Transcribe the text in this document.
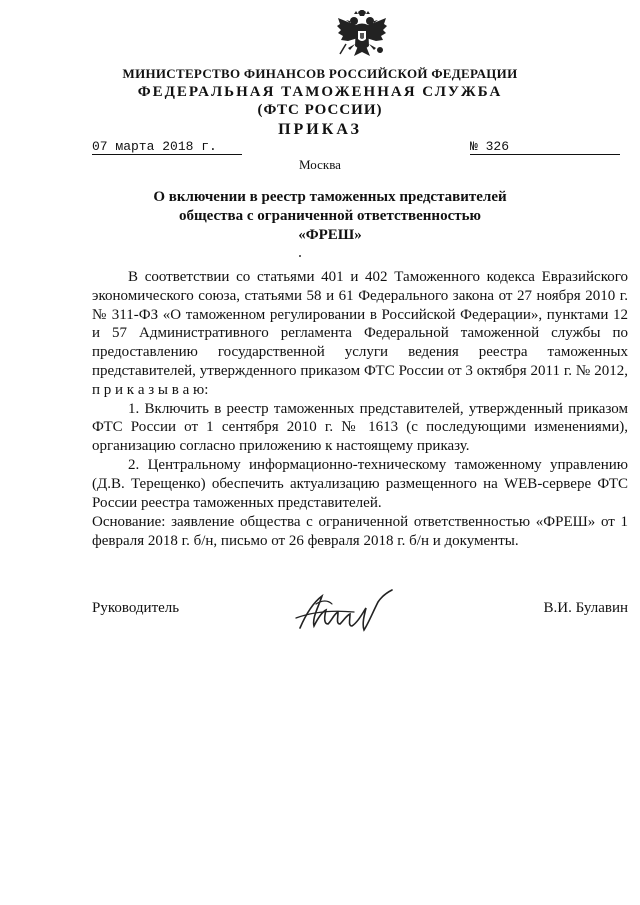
МИНИСТЕРСТВО ФИНАНСОВ РОССИЙСКОЙ ФЕДЕРАЦИИ
ФЕДЕРАЛЬНАЯ ТАМОЖЕННАЯ СЛУЖБА
(ФТС РОССИИ)
ПРИКАЗ
07 марта 2018 г.	№ 326
Москва
О включении в реестр таможенных представителей
общества с ограниченной ответственностью
«ФРЕШ»

В соответствии со статьями 401 и 402 Таможенного кодекса Евразийского экономического союза, статьями 58 и 61 Федерального закона от 27 ноября 2010 г. № 311-ФЗ «О таможенном регулировании в Российской Федерации», пунктами 12 и 57 Административного регламента Федеральной таможенной службы по предоставлению государственной услуги ведения реестра таможенных представителей, утвержденного приказом ФТС России от 3 октября 2011 г. № 2012, п р и к а з ы в а ю:

1. Включить в реестр таможенных представителей, утвержденный приказом ФТС России от 1 сентября 2010 г. № 1613 (с последующими изменениями), организацию согласно приложению к настоящему приказу.

2. Центральному информационно-техническому таможенному управлению (Д.В. Терещенко) обеспечить актуализацию размещенного на WEB-сервере ФТС России реестра таможенных представителей.

Основание: заявление общества с ограниченной ответственностью «ФРЕШ» от 1 февраля 2018 г. б/н, письмо от 26 февраля 2018 г. б/н и документы.

Руководитель	В.И. Булавин
